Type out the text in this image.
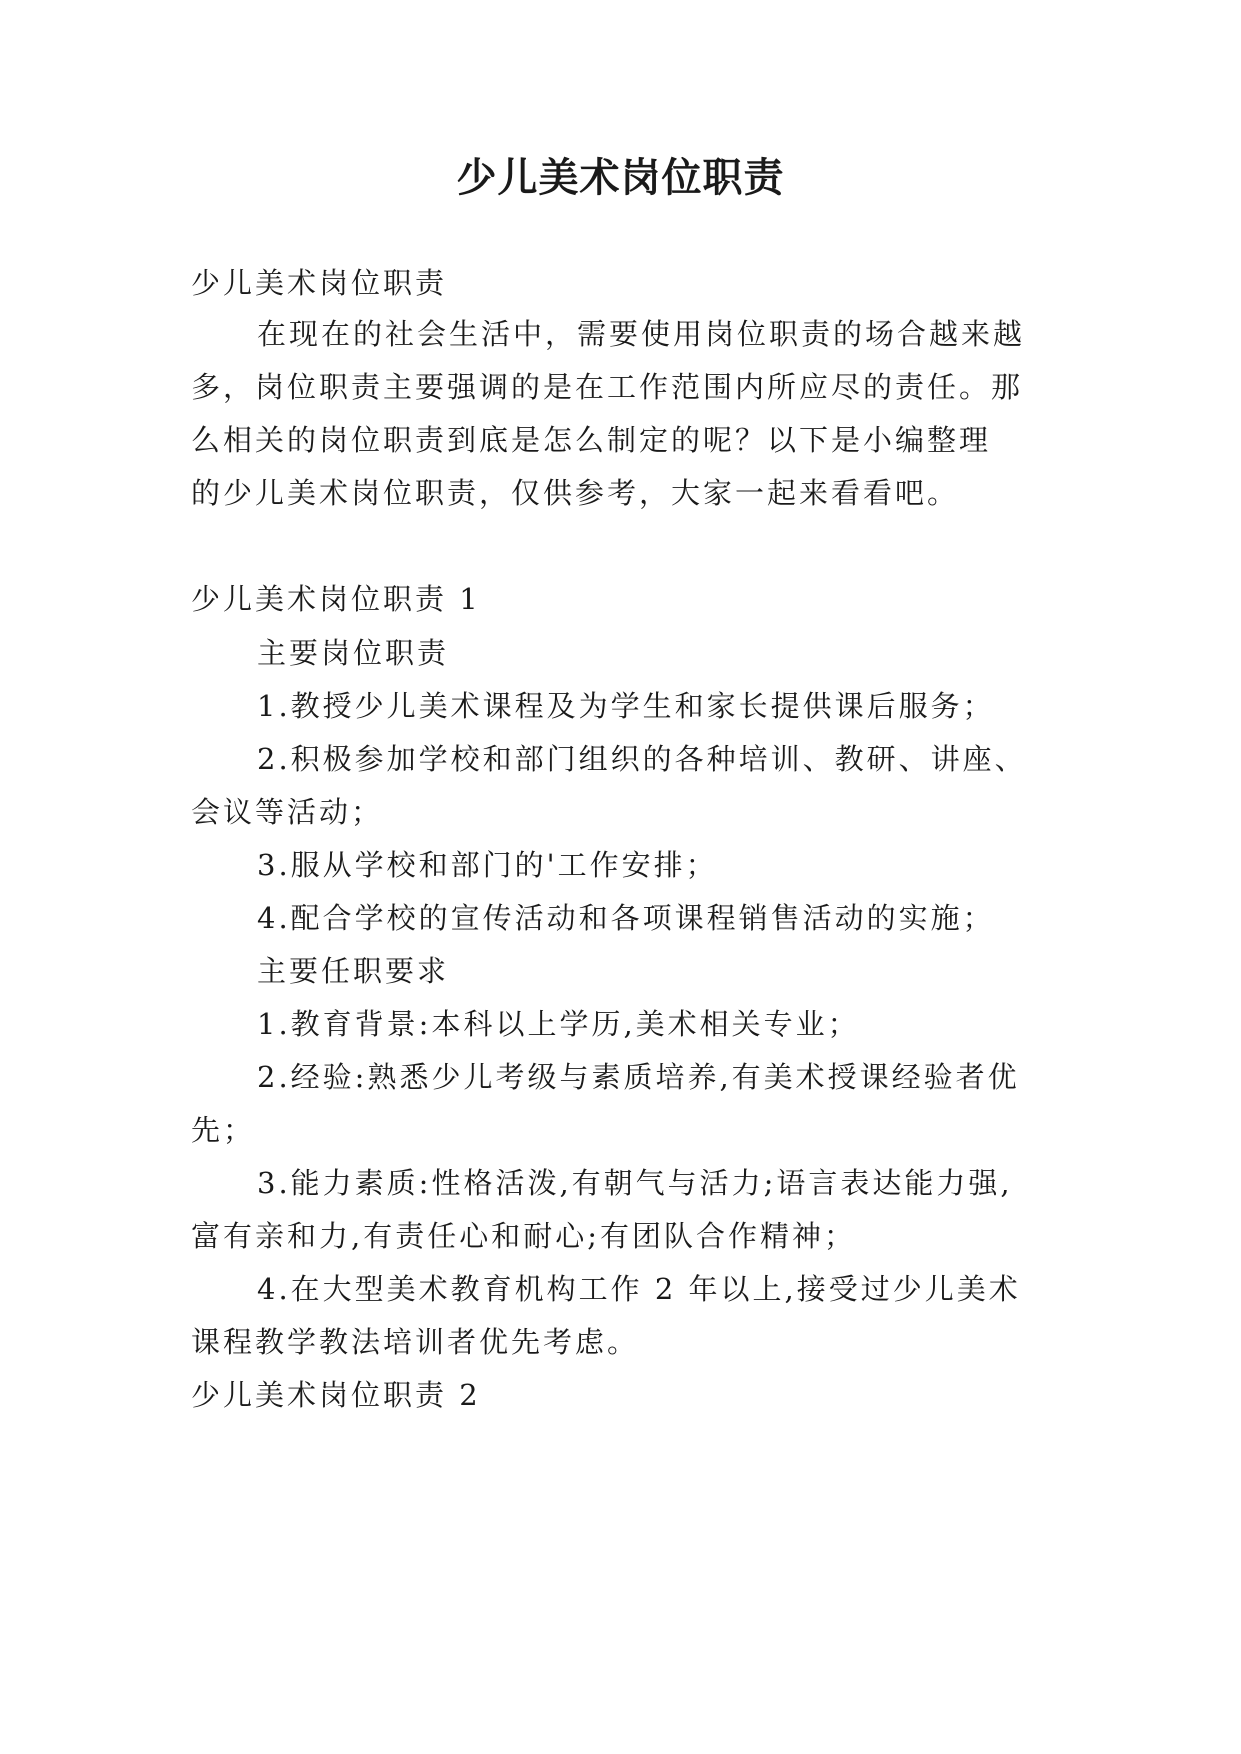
少儿美术岗位职责
少儿美术岗位职责
在现在的社会生活中，需要使用岗位职责的场合越来越
多，岗位职责主要强调的是在工作范围内所应尽的责任。那
么相关的岗位职责到底是怎么制定的呢？以下是小编整理
的少儿美术岗位职责，仅供参考，大家一起来看看吧。
少儿美术岗位职责 1
主要岗位职责
1.教授少儿美术课程及为学生和家长提供课后服务；
2.积极参加学校和部门组织的各种培训、教研、讲座、
会议等活动；
3.服从学校和部门的'工作安排；
4.配合学校的宣传活动和各项课程销售活动的实施；
主要任职要求
1.教育背景:本科以上学历,美术相关专业；
2.经验:熟悉少儿考级与素质培养,有美术授课经验者优
先；
3.能力素质:性格活泼,有朝气与活力;语言表达能力强,
富有亲和力,有责任心和耐心;有团队合作精神；
4.在大型美术教育机构工作 2 年以上,接受过少儿美术
课程教学教法培训者优先考虑。
少儿美术岗位职责 2
